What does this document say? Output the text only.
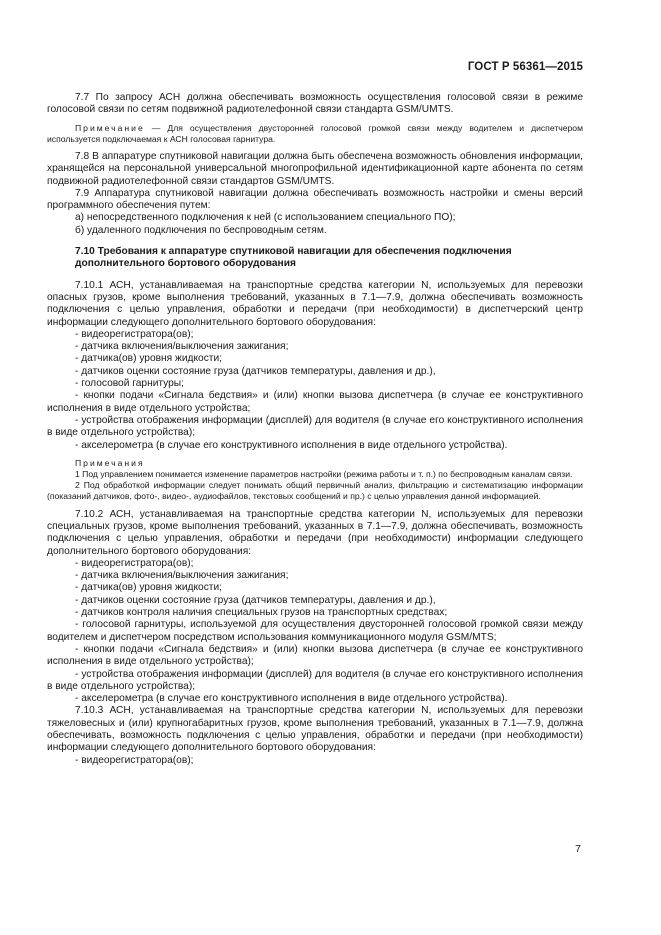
ГОСТ Р 56361—2015

7.7 По запросу АСН должна обеспечивать возможность осуществления голосовой связи в режиме голосовой связи по сетям подвижной радиотелефонной связи стандарта GSM/UMTS.

Примечание — Для осуществления двусторонней голосовой громкой связи между водителем и диспетчером используется подключаемая к АСН голосовая гарнитура.

7.8 В аппаратуре спутниковой навигации должна быть обеспечена возможность обновления информации, хранящейся на персональной универсальной многопрофильной идентификационной карте абонента по сетям подвижной радиотелефонной связи стандартов GSM/UMTS.

7.9 Аппаратура спутниковой навигации должна обеспечивать возможность настройки и смены версий программного обеспечения путем:

а) непосредственного подключения к ней (с использованием специального ПО);

б) удаленного подключения по беспроводным сетям.

7.10 Требования к аппаратуре спутниковой навигации для обеспечения подключения дополнительного бортового оборудования

7.10.1 АСН, устанавливаемая на транспортные средства категории N, используемых для перевозки опасных грузов, кроме выполнения требований, указанных в 7.1—7.9, должна обеспечивать возможность подключения с целью управления, обработки и передачи (при необходимости) в диспетчерский центр информации следующего дополнительного бортового оборудования:

- видеорегистратора(ов);

- датчика включения/выключения зажигания;

- датчика(ов) уровня жидкости;

- датчиков оценки состояние груза (датчиков температуры, давления и др.),

- голосовой гарнитуры;

- кнопки подачи «Сигнала бедствия» и (или) кнопки вызова диспетчера (в случае ее конструктивного исполнения в виде отдельного устройства;

- устройства отображения информации (дисплей) для водителя (в случае его конструктивного исполнения в виде отдельного устройства);

- акселерометра (в случае его конструктивного исполнения в виде отдельного устройства).

Примечания

1 Под управлением понимается изменение параметров настройки (режима работы и т. п.) по беспроводным каналам связи.

2 Под обработкой информации следует понимать общий первичный анализ, фильтрацию и систематизацию информации (показаний датчиков, фото-, видео-, аудиофайлов, текстовых сообщений и пр.) с целью управления данной информацией.

7.10.2 АСН, устанавливаемая на транспортные средства категории N, используемых для перевозки специальных грузов, кроме выполнения требований, указанных в 7.1—7.9, должна обеспечивать, возможность подключения с целью управления, обработки и передачи (при необходимости) информации следующего дополнительного бортового оборудования:

- видеорегистратора(ов);

- датчика включения/выключения зажигания;

- датчика(ов) уровня жидкости;

- датчиков оценки состояние груза (датчиков температуры, давления и др.),

- датчиков контроля наличия специальных грузов на транспортных средствах;

- голосовой гарнитуры, используемой для осуществления двусторонней голосовой громкой связи между водителем и диспетчером посредством использования коммуникационного модуля GSM/MTS;

- кнопки подачи «Сигнала бедствия» и (или) кнопки вызова диспетчера (в случае ее конструктивного исполнения в виде отдельного устройства);

- устройства отображения информации (дисплей) для водителя (в случае его конструктивного исполнения в виде отдельного устройства);

- акселерометра (в случае его конструктивного исполнения в виде отдельного устройства).

7.10.3 АСН, устанавливаемая на транспортные средства категории N, используемых для перевозки тяжеловесных и (или) крупногабаритных грузов, кроме выполнения требований, указанных в 7.1—7.9, должна обеспечивать, возможность подключения с целью управления, обработки и передачи (при необходимости) информации следующего дополнительного бортового оборудования:

- видеорегистратора(ов);

7
